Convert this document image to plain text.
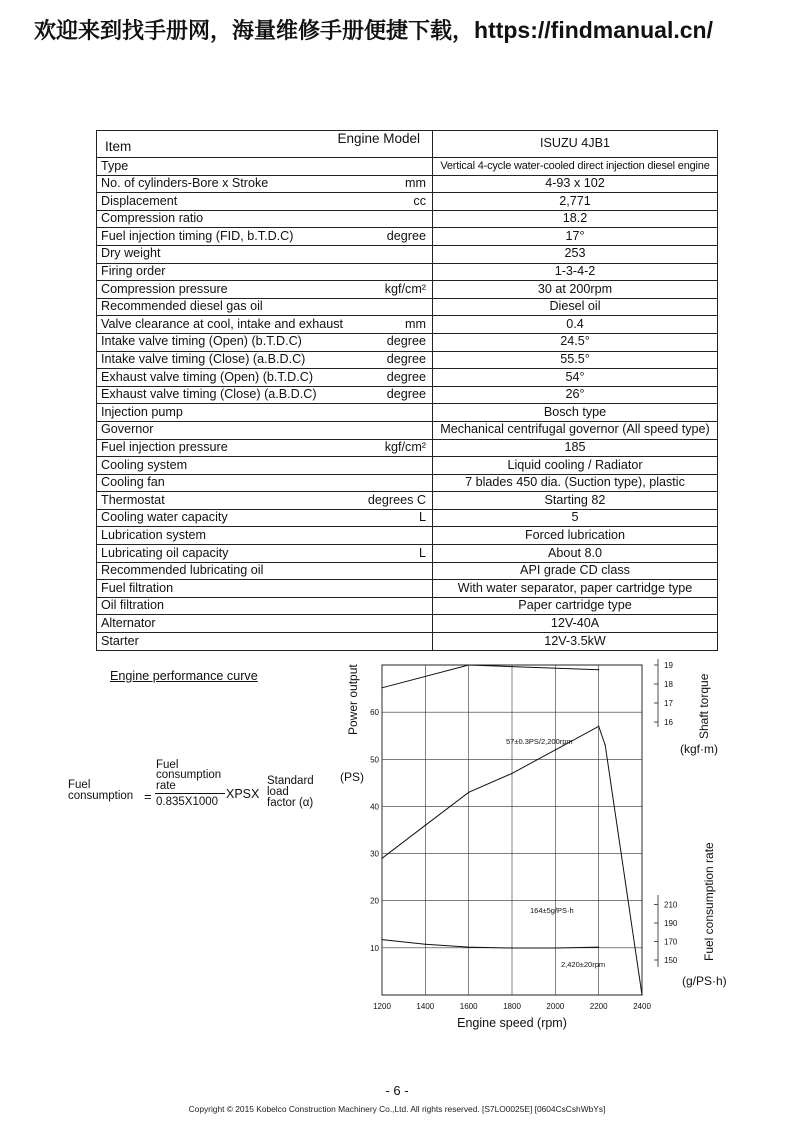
欢迎来到找手册网，海量维修手册便捷下载，https://findmanual.cn/
Engine Model
Item		ISUZU 4JB1
Type		Vertical 4-cycle water-cooled direct injection diesel engine
No. of cylinders-Bore x Stroke	mm	4-93 x 102
Displacement	cc	2,771
Compression ratio		18.2
Fuel injection timing (FID, b.T.D.C)	degree	17°
Dry weight		253
Firing order		1-3-4-2
Compression pressure	kgf/cm²	30 at 200rpm
Recommended diesel gas oil		Diesel oil
Valve clearance at cool, intake and exhaust	mm	0.4
Intake valve timing (Open) (b.T.D.C)	degree	24.5°
Intake valve timing (Close) (a.B.D.C)	degree	55.5°
Exhaust valve timing (Open) (b.T.D.C)	degree	54°
Exhaust valve timing (Close) (a.B.D.C)	degree	26°
Injection pump		Bosch type
Governor		Mechanical centrifugal governor (All speed type)
Fuel injection pressure	kgf/cm²	185
Cooling system		Liquid cooling / Radiator
Cooling fan		7 blades 450 dia. (Suction type), plastic
Thermostat	degrees C	Starting 82
Cooling water capacity	L	5
Lubrication system		Forced lubrication
Lubricating oil capacity	L	About 8.0
Recommended lubricating oil		API grade CD class
Fuel filtration		With water separator, paper cartridge type
Oil filtration		Paper cartridge type
Alternator		12V-40A
Starter		12V-3.5kW
Engine performance curve
Fuel
consumption =
Fuel
consumption
rate
0.835X1000
XPSX
Standard
load
factor (α)
1200	1400	1600	1800	2000	2200	2400
10
20
30
40
50
60
16
17
18
19
150
170
190
210
57±0.3PS/2,200rpm
164±5g/PS·h
2,420±20rpm
Engine speed (rpm)
Power output
(PS)
Shaft torque
(kgf·m)
Fuel consumption rate
(g/PS·h)
- 6 -
Copyright © 2015 Kobelco Construction Machinery Co.,Ltd. All rights reserved. [S7LO0025E] [0604CsCshWbYs]
